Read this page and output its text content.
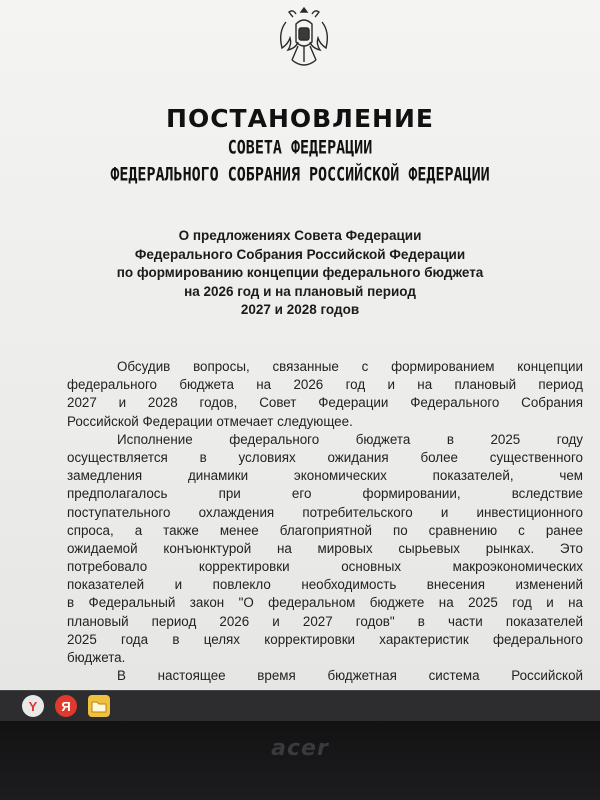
ПОСТАНОВЛЕНИЕ
СОВЕТА ФЕДЕРАЦИИ
ФЕДЕРАЛЬНОГО СОБРАНИЯ РОССИЙСКОЙ ФЕДЕРАЦИИ
О предложениях Совета Федерации
Федерального Собрания Российской Федерации
по формированию концепции федерального бюджета
на 2026 год и на плановый период
2027 и 2028 годов
Обсудив вопросы, связанные с формированием концепции
федерального бюджета на 2026 год и на плановый период
2027 и 2028 годов, Совет Федерации Федерального Собрания
Российской Федерации отмечает следующее.
Исполнение федерального бюджета в 2025 году
осуществляется в условиях ожидания более существенного
замедления динамики экономических показателей, чем
предполагалось при его формировании, вследствие
поступательного охлаждения потребительского и инвестиционного
спроса, а также менее благоприятной по сравнению с ранее
ожидаемой конъюнктурой на мировых сырьевых рынках. Это
потребовало корректировки основных макроэкономических
показателей и повлекло необходимость внесения изменений
в Федеральный закон "О федеральном бюджете на 2025 год и на
плановый период 2026 и 2027 годов" в части показателей
2025 года в целях корректировки характеристик федерального
бюджета.
В настоящее время бюджетная система Российской
Y Я
acer
